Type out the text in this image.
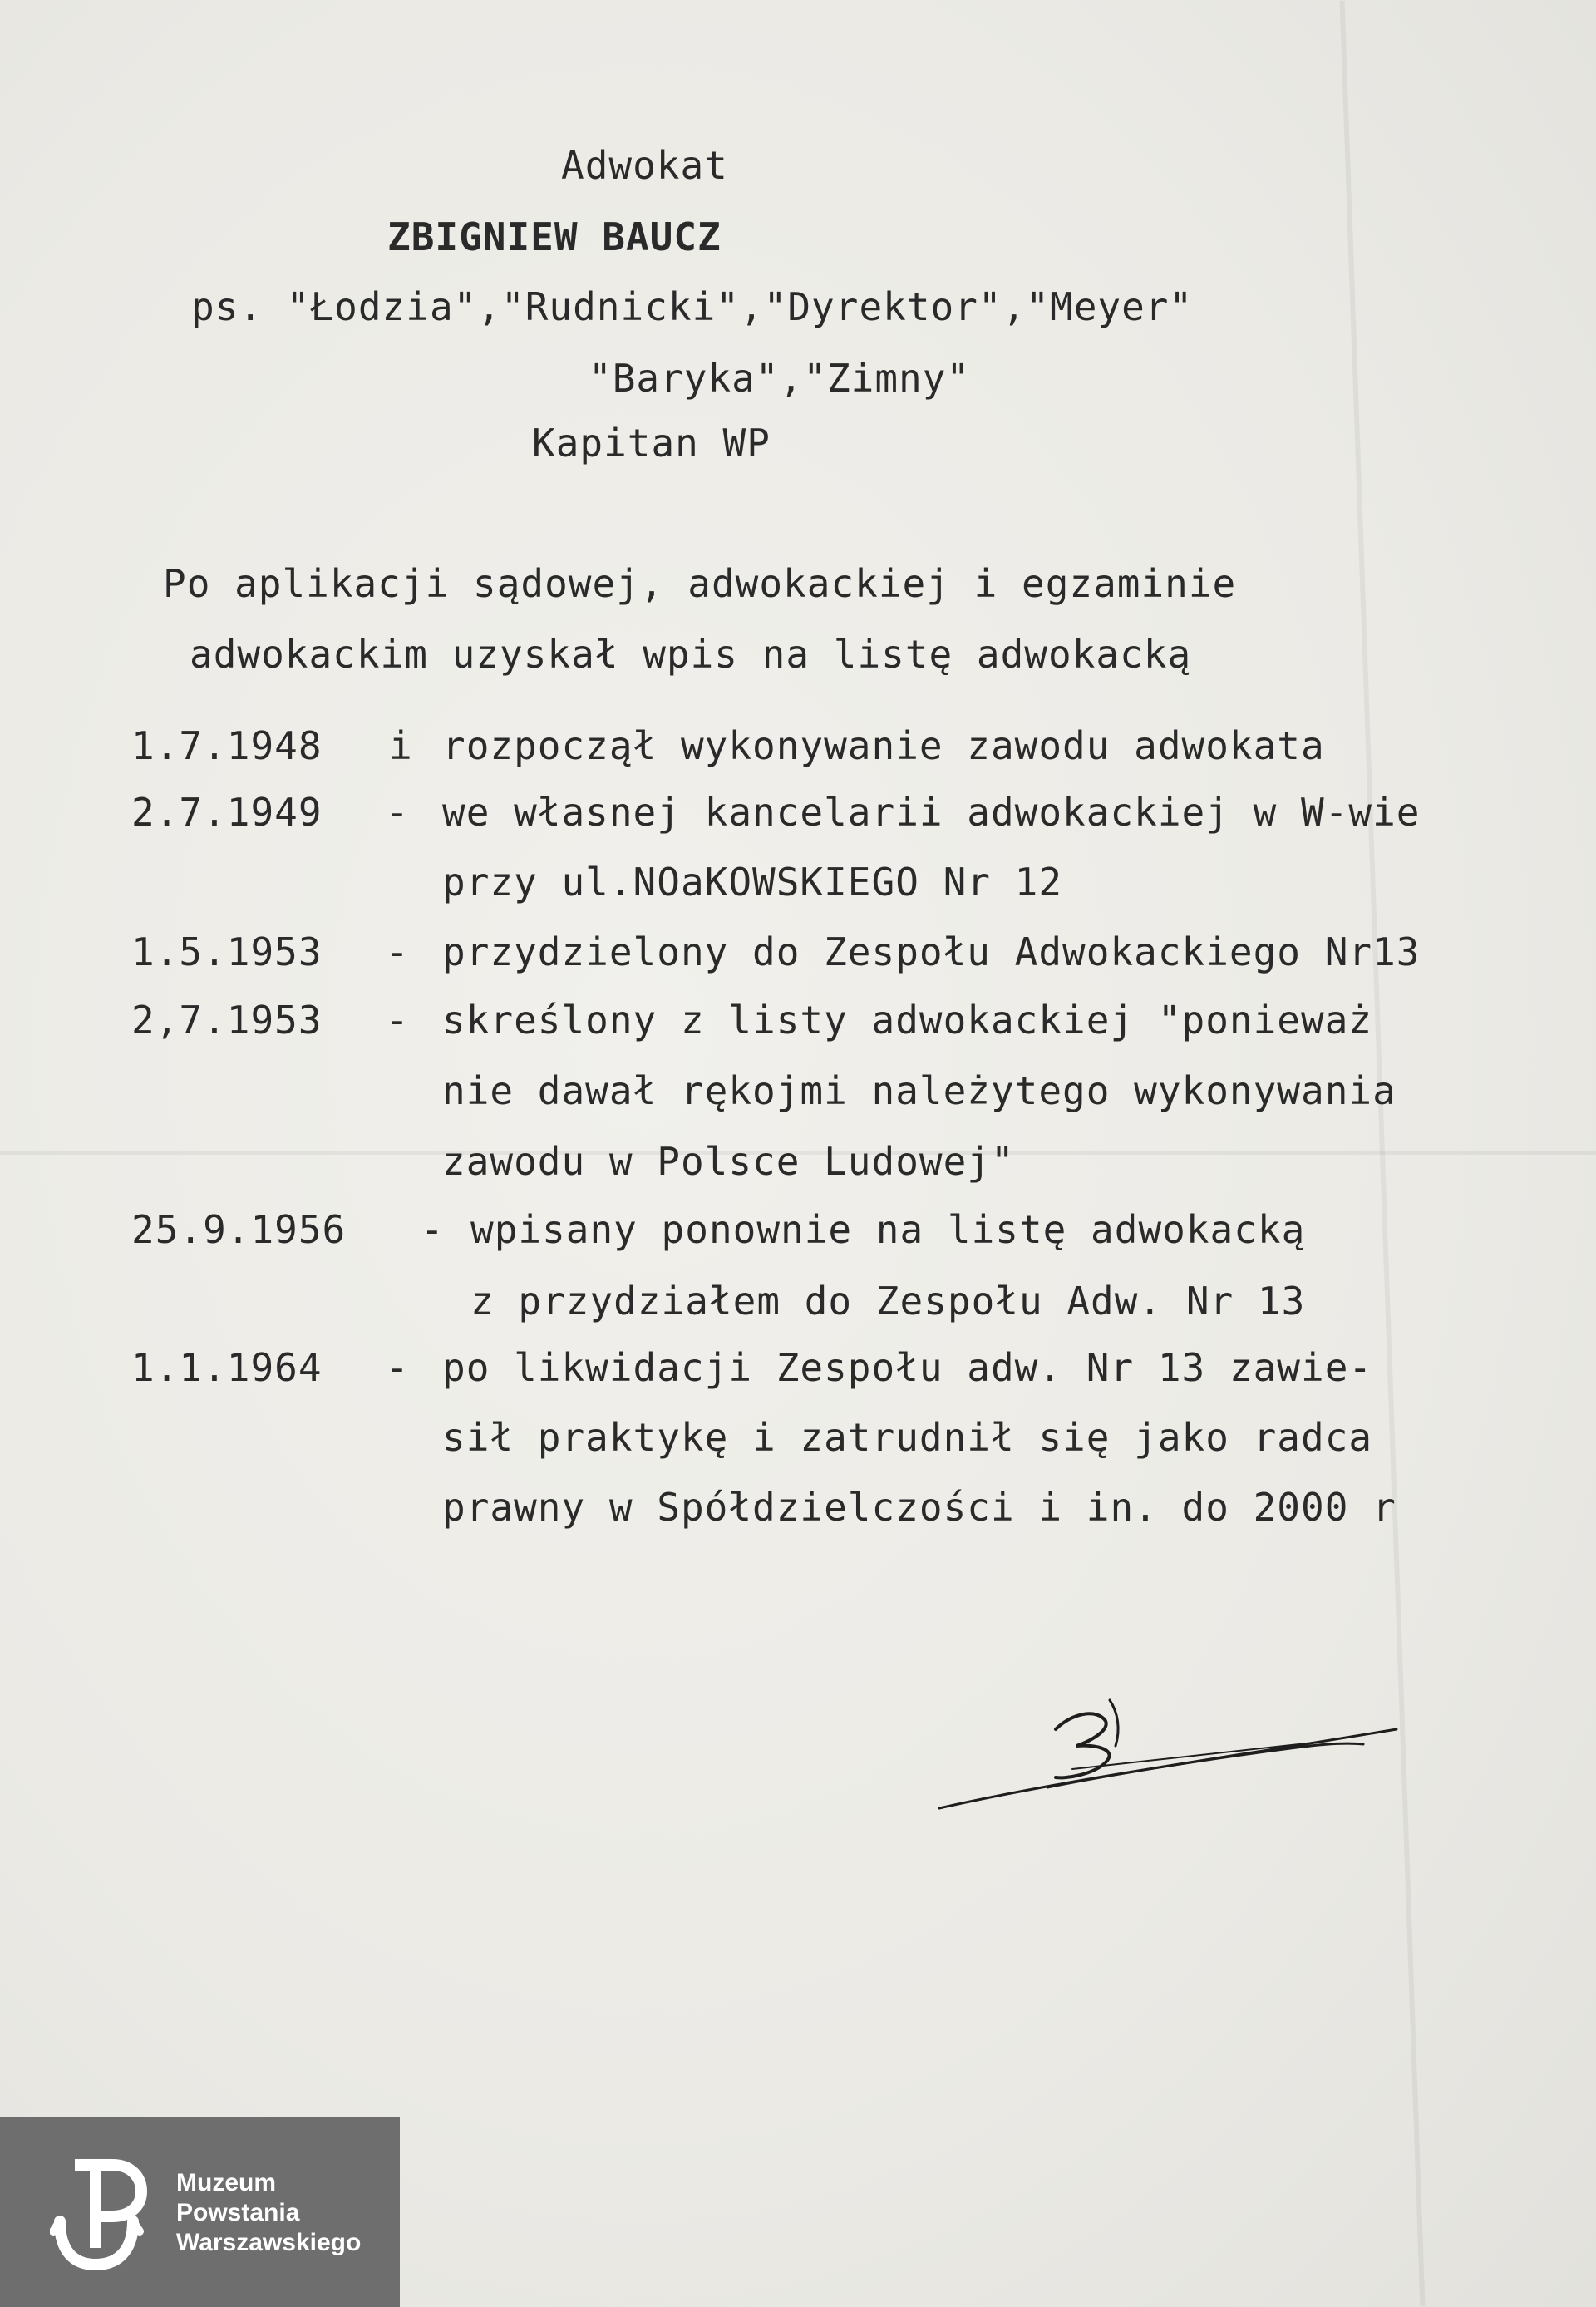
Adwokat
ZBIGNIEW BAUCZ
ps. "Łodzia","Rudnicki","Dyrektor","Meyer"
"Baryka","Zimny"
Kapitan WP
Po aplikacji sądowej, adwokackiej i egzaminie
adwokackim uzyskał wpis na listę adwokacką
1.7.1948 i rozpoczął wykonywanie zawodu adwokata
2.7.1949 - we własnej kancelarii adwokackiej w W-wie
przy ul.NOaKOWSKIEGO Nr 12
1.5.1953 - przydzielony do Zespołu Adwokackiego Nr13
2,7.1953 - skreślony z listy adwokackiej "ponieważ
nie dawał rękojmi należytego wykonywania
zawodu w Polsce Ludowej"
25.9.1956 - wpisany ponownie na listę adwokacką
z przydziałem do Zespołu Adw. Nr 13
1.1.1964 - po likwidacji Zespołu adw. Nr 13 zawie-
sił praktykę i zatrudnił się jako radca
prawny w Spółdzielczości i in. do 2000 r
Muzeum
Powstania
Warszawskiego
